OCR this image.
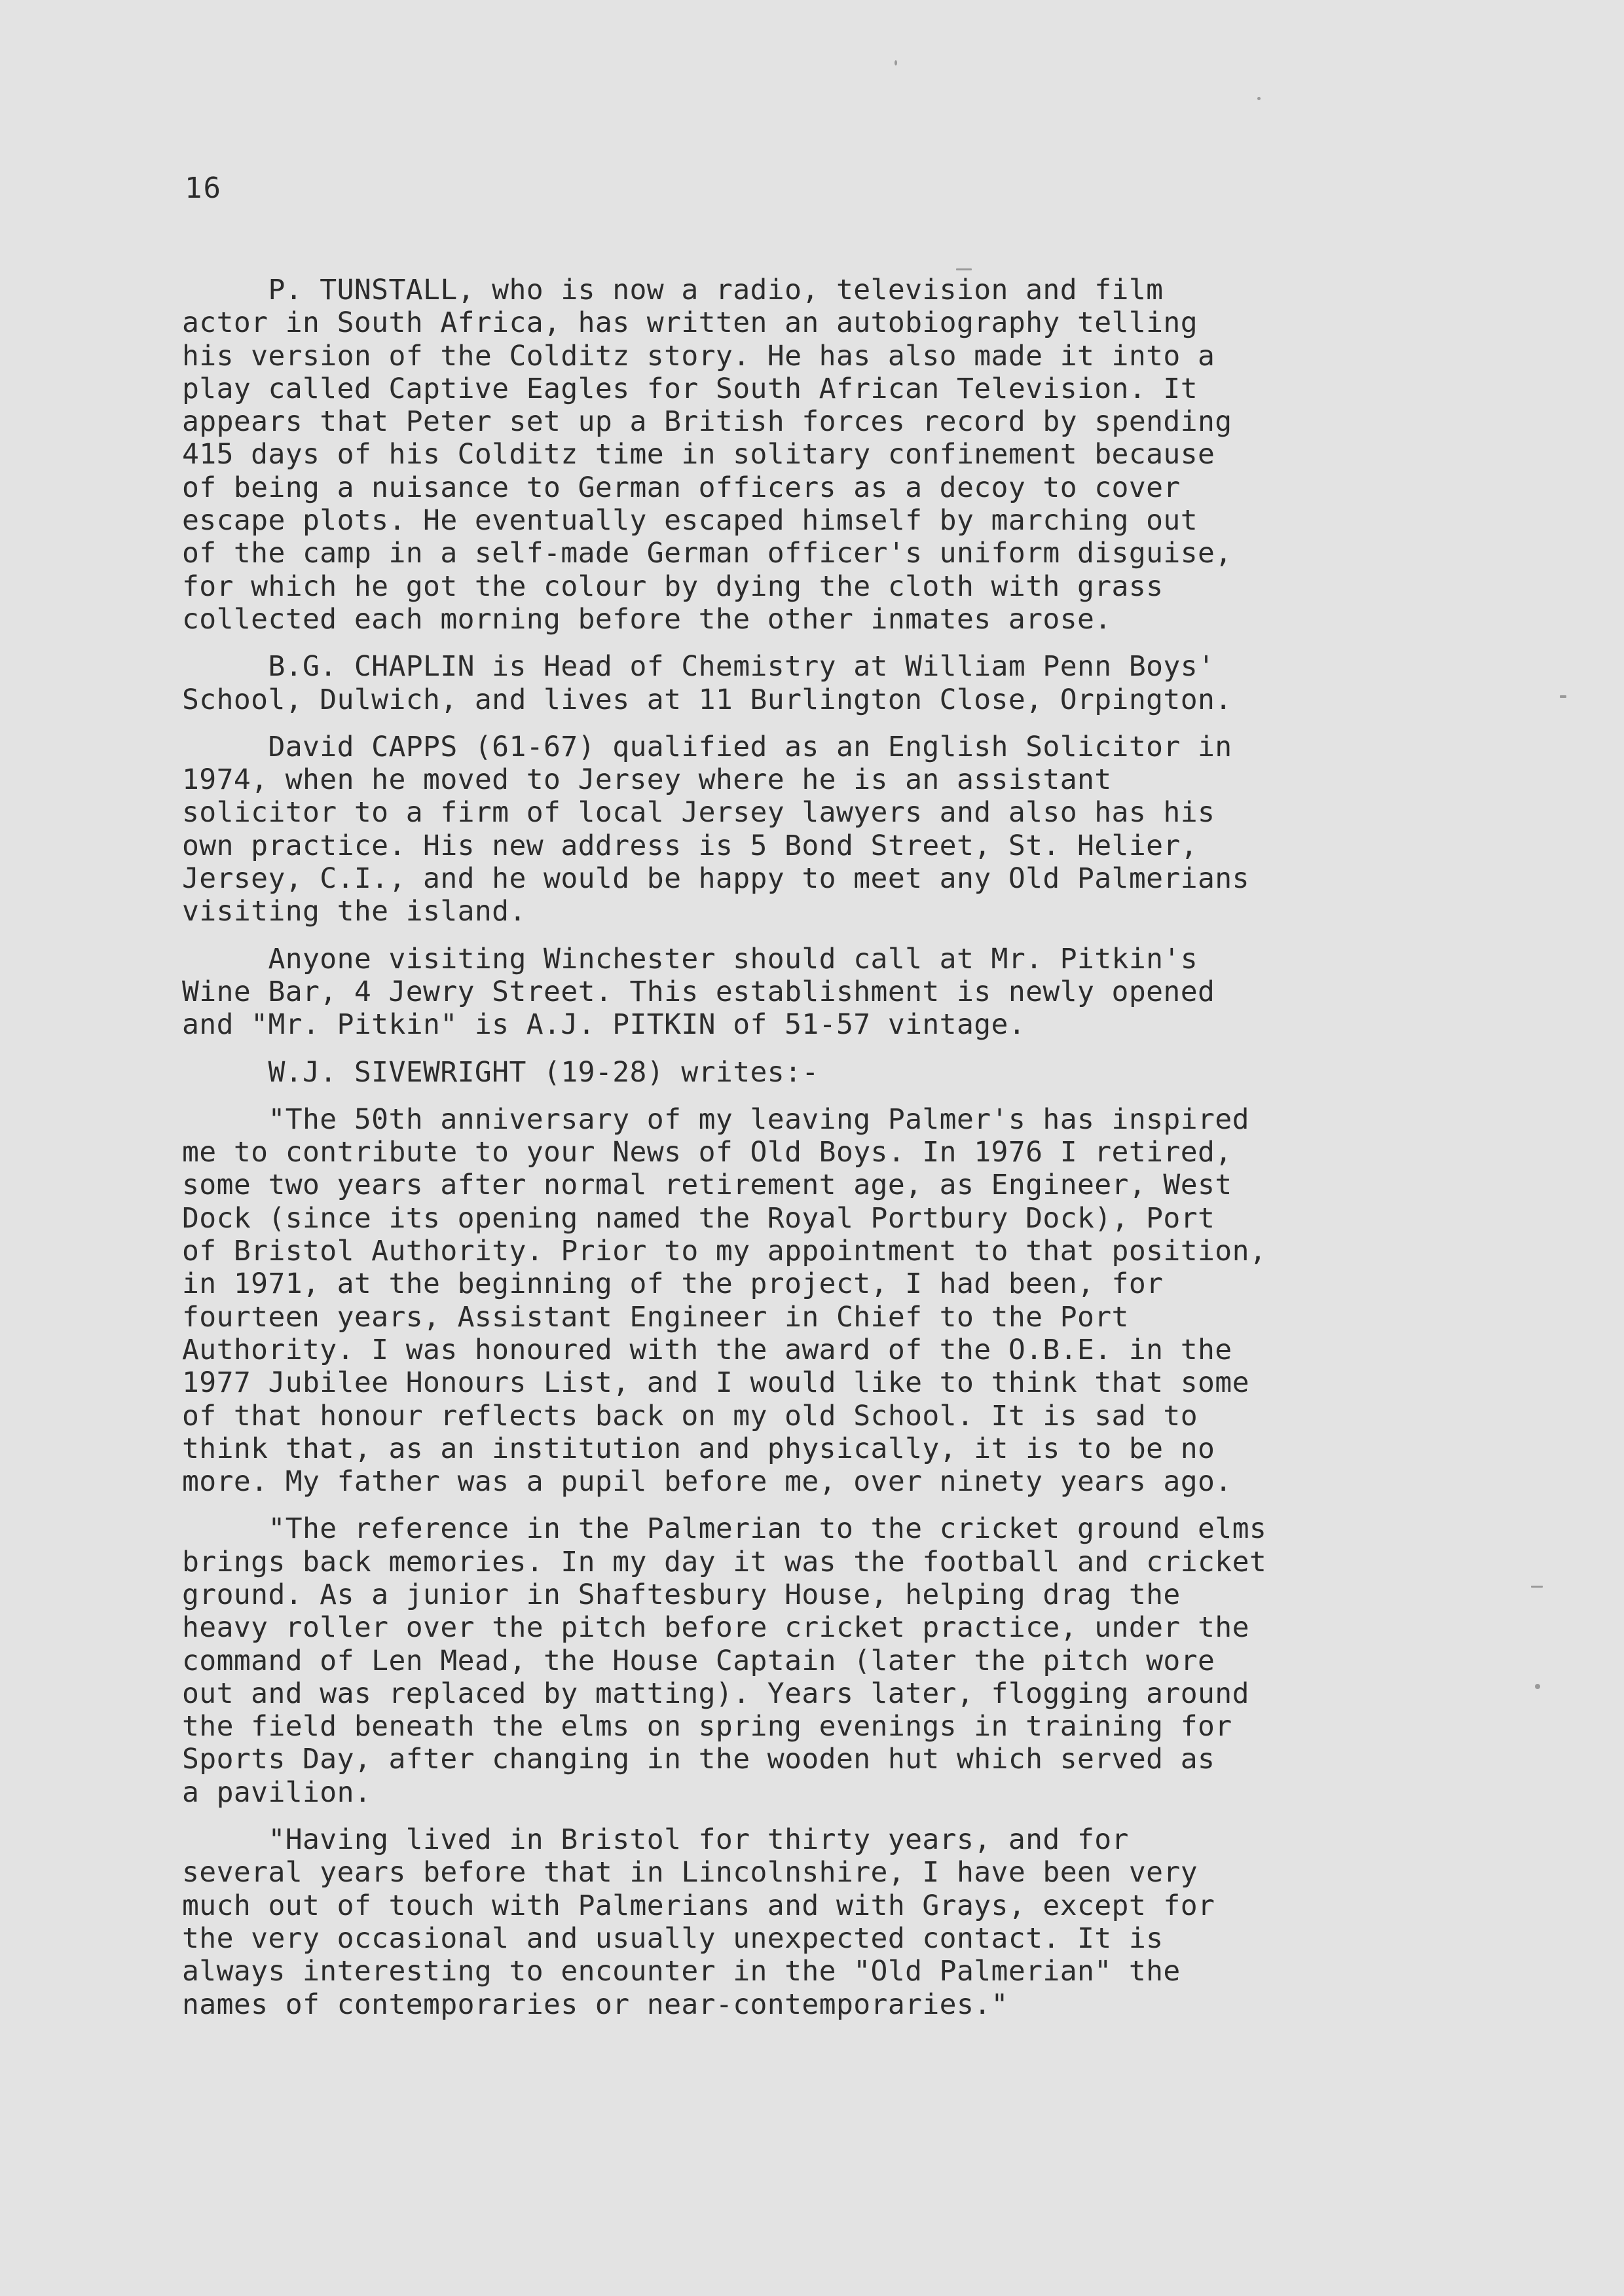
16

P. TUNSTALL, who is now a radio, television and film
actor in South Africa, has written an autobiography telling
his version of the Colditz story. He has also made it into a
play called Captive Eagles for South African Television. It
appears that Peter set up a British forces record by spending
415 days of his Colditz time in solitary confinement because
of being a nuisance to German officers as a decoy to cover
escape plots. He eventually escaped himself by marching out
of the camp in a self-made German officer's uniform disguise,
for which he got the colour by dying the cloth with grass
collected each morning before the other inmates arose.

B.G. CHAPLIN is Head of Chemistry at William Penn Boys'
School, Dulwich, and lives at 11 Burlington Close, Orpington.

David CAPPS (61-67) qualified as an English Solicitor in
1974, when he moved to Jersey where he is an assistant
solicitor to a firm of local Jersey lawyers and also has his
own practice. His new address is 5 Bond Street, St. Helier,
Jersey, C.I., and he would be happy to meet any Old Palmerians
visiting the island.

Anyone visiting Winchester should call at Mr. Pitkin's
Wine Bar, 4 Jewry Street. This establishment is newly opened
and "Mr. Pitkin" is A.J. PITKIN of 51-57 vintage.

W.J. SIVEWRIGHT (19-28) writes:-

"The 50th anniversary of my leaving Palmer's has inspired
me to contribute to your News of Old Boys. In 1976 I retired,
some two years after normal retirement age, as Engineer, West
Dock (since its opening named the Royal Portbury Dock), Port
of Bristol Authority. Prior to my appointment to that position,
in 1971, at the beginning of the project, I had been, for
fourteen years, Assistant Engineer in Chief to the Port
Authority. I was honoured with the award of the O.B.E. in the
1977 Jubilee Honours List, and I would like to think that some
of that honour reflects back on my old School. It is sad to
think that, as an institution and physically, it is to be no
more. My father was a pupil before me, over ninety years ago.

"The reference in the Palmerian to the cricket ground elms
brings back memories. In my day it was the football and cricket
ground. As a junior in Shaftesbury House, helping drag the
heavy roller over the pitch before cricket practice, under the
command of Len Mead, the House Captain (later the pitch wore
out and was replaced by matting). Years later, flogging around
the field beneath the elms on spring evenings in training for
Sports Day, after changing in the wooden hut which served as
a pavilion.

"Having lived in Bristol for thirty years, and for
several years before that in Lincolnshire, I have been very
much out of touch with Palmerians and with Grays, except for
the very occasional and usually unexpected contact. It is
always interesting to encounter in the "Old Palmerian" the
names of contemporaries or near-contemporaries."
